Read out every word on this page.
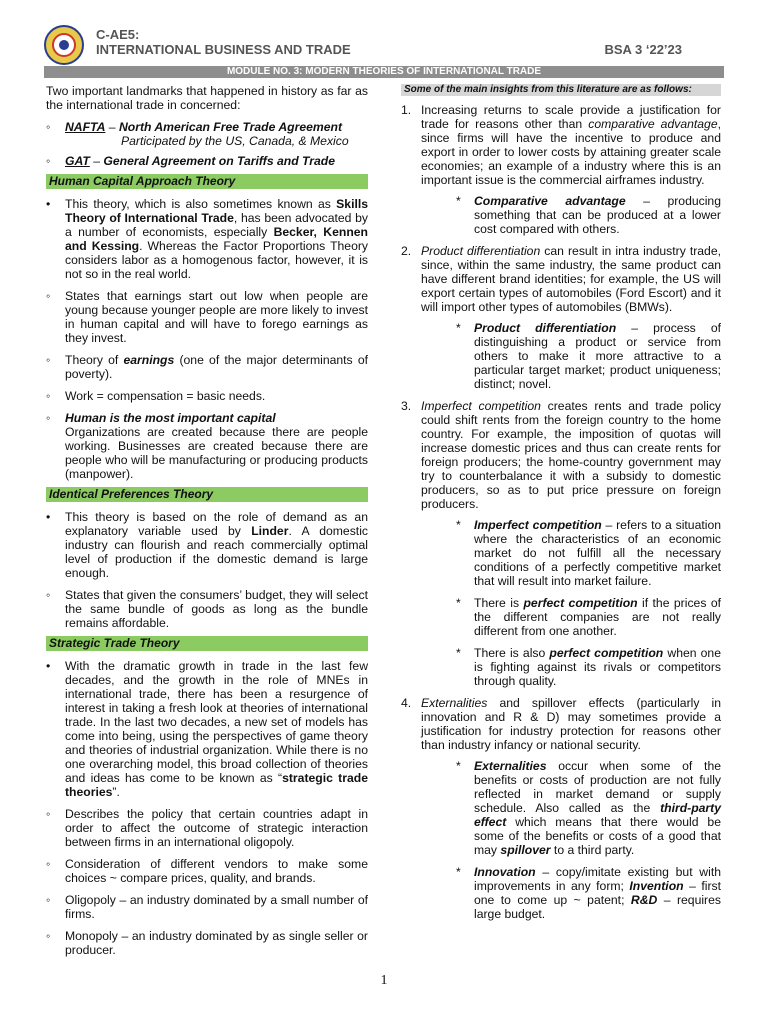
C-AE5:
INTERNATIONAL BUSINESS AND TRADE	BSA 3 ‘22’23
MODULE NO. 3: MODERN THEORIES OF INTERNATIONAL TRADE

Two important landmarks that happened in history as far as the international trade in concerned:

◦ NAFTA – North American Free Trade Agreement
Participated by the US, Canada, & Mexico
◦ GAT – General Agreement on Tariffs and Trade
Human Capital Approach Theory
• This theory, which is also sometimes known as Skills Theory of International Trade, has been advocated by a number of economists, especially Becker, Kennen and Kessing. Whereas the Factor Proportions Theory considers labor as a homogenous factor, however, it is not so in the real world.
◦ States that earnings start out low when people are young because younger people are more likely to invest in human capital and will have to forego earnings as they invest.
◦ Theory of earnings (one of the major determinants of poverty).
◦ Work = compensation = basic needs.
◦ Human is the most important capital
Organizations are created because there are people working. Businesses are created because there are people who will be manufacturing or producing products (manpower).
Identical Preferences Theory
• This theory is based on the role of demand as an explanatory variable used by Linder. A domestic industry can flourish and reach commercially optimal level of production if the domestic demand is large enough.
◦ States that given the consumers’ budget, they will select the same bundle of goods as long as the bundle remains affordable.
Strategic Trade Theory
• With the dramatic growth in trade in the last few decades, and the growth in the role of MNEs in international trade, there has been a resurgence of interest in taking a fresh look at theories of international trade. In the last two decades, a new set of models has come into being, using the perspectives of game theory and theories of industrial organization. While there is no one overarching model, this broad collection of theories and ideas has come to be known as “strategic trade theories”.
◦ Describes the policy that certain countries adapt in order to affect the outcome of strategic interaction between firms in an international oligopoly.
◦ Consideration of different vendors to make some choices ~ compare prices, quality, and brands.
◦ Oligopoly – an industry dominated by a small number of firms.
◦ Monopoly – an industry dominated by as single seller or producer.
Some of the main insights from this literature are as follows:
1. Increasing returns to scale provide a justification for trade for reasons other than comparative advantage, since firms will have the incentive to produce and export in order to lower costs by attaining greater scale economies; an example of a industry where this is an important issue is the commercial airframes industry.
* Comparative advantage – producing something that can be produced at a lower cost compared with others.
2. Product differentiation can result in intra industry trade, since, within the same industry, the same product can have different brand identities; for example, the US will export certain types of automobiles (Ford Escort) and it will import other types of automobiles (BMWs).
* Product differentiation – process of distinguishing a product or service from others to make it more attractive to a particular target market; product uniqueness; distinct; novel.
3. Imperfect competition creates rents and trade policy could shift rents from the foreign country to the home country. For example, the imposition of quotas will increase domestic prices and thus can create rents for foreign producers; the home-country government may try to counterbalance it with a subsidy to domestic producers, so as to put price pressure on foreign producers.
* Imperfect competition – refers to a situation where the characteristics of an economic market do not fulfill all the necessary conditions of a perfectly competitive market that will result into market failure.
* There is perfect competition if the prices of the different companies are not really different from one another.
* There is also perfect competition when one is fighting against its rivals or competitors through quality.
4. Externalities and spillover effects (particularly in innovation and R & D) may sometimes provide a justification for industry protection for reasons other than industry infancy or national security.
* Externalities occur when some of the benefits or costs of production are not fully reflected in market demand or supply schedule. Also called as the third-party effect which means that there would be some of the benefits or costs of a good that may spillover to a third party.
* Innovation – copy/imitate existing but with improvements in any form; Invention – first one to come up ~ patent; R&D – requires large budget.
1
